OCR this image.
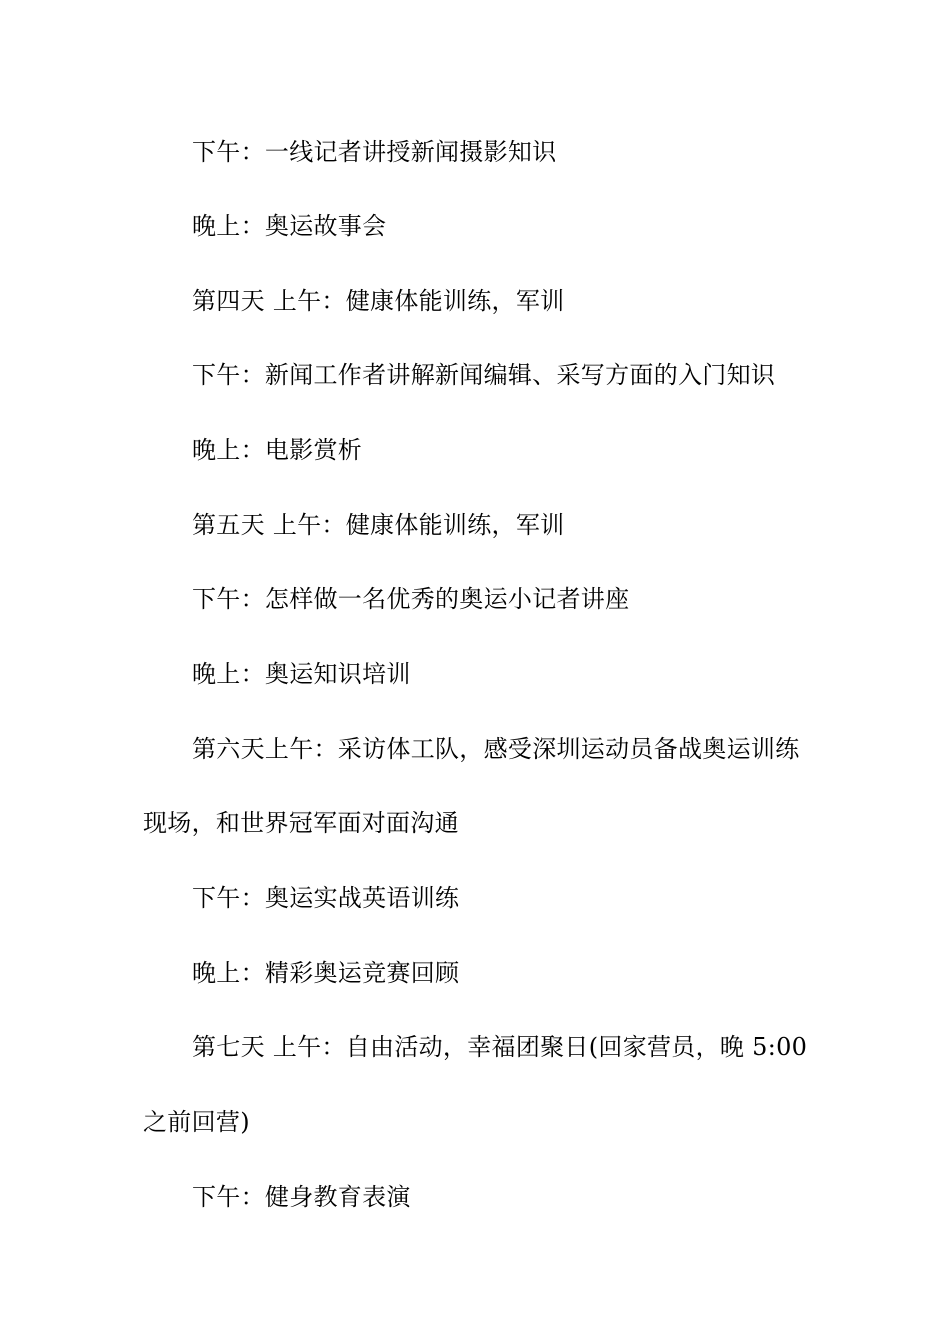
下午：一线记者讲授新闻摄影知识

晚上：奥运故事会

第四天 上午：健康体能训练，军训

下午：新闻工作者讲解新闻编辑、采写方面的入门知识

晚上：电影赏析

第五天 上午：健康体能训练，军训

下午：怎样做一名优秀的奥运小记者讲座

晚上：奥运知识培训

第六天上午：采访体工队，感受深圳运动员备战奥运训练

现场，和世界冠军面对面沟通

下午：奥运实战英语训练

晚上：精彩奥运竞赛回顾

第七天 上午：自由活动，幸福团聚日(回家营员，晚 5:00

之前回营)

下午：健身教育表演
